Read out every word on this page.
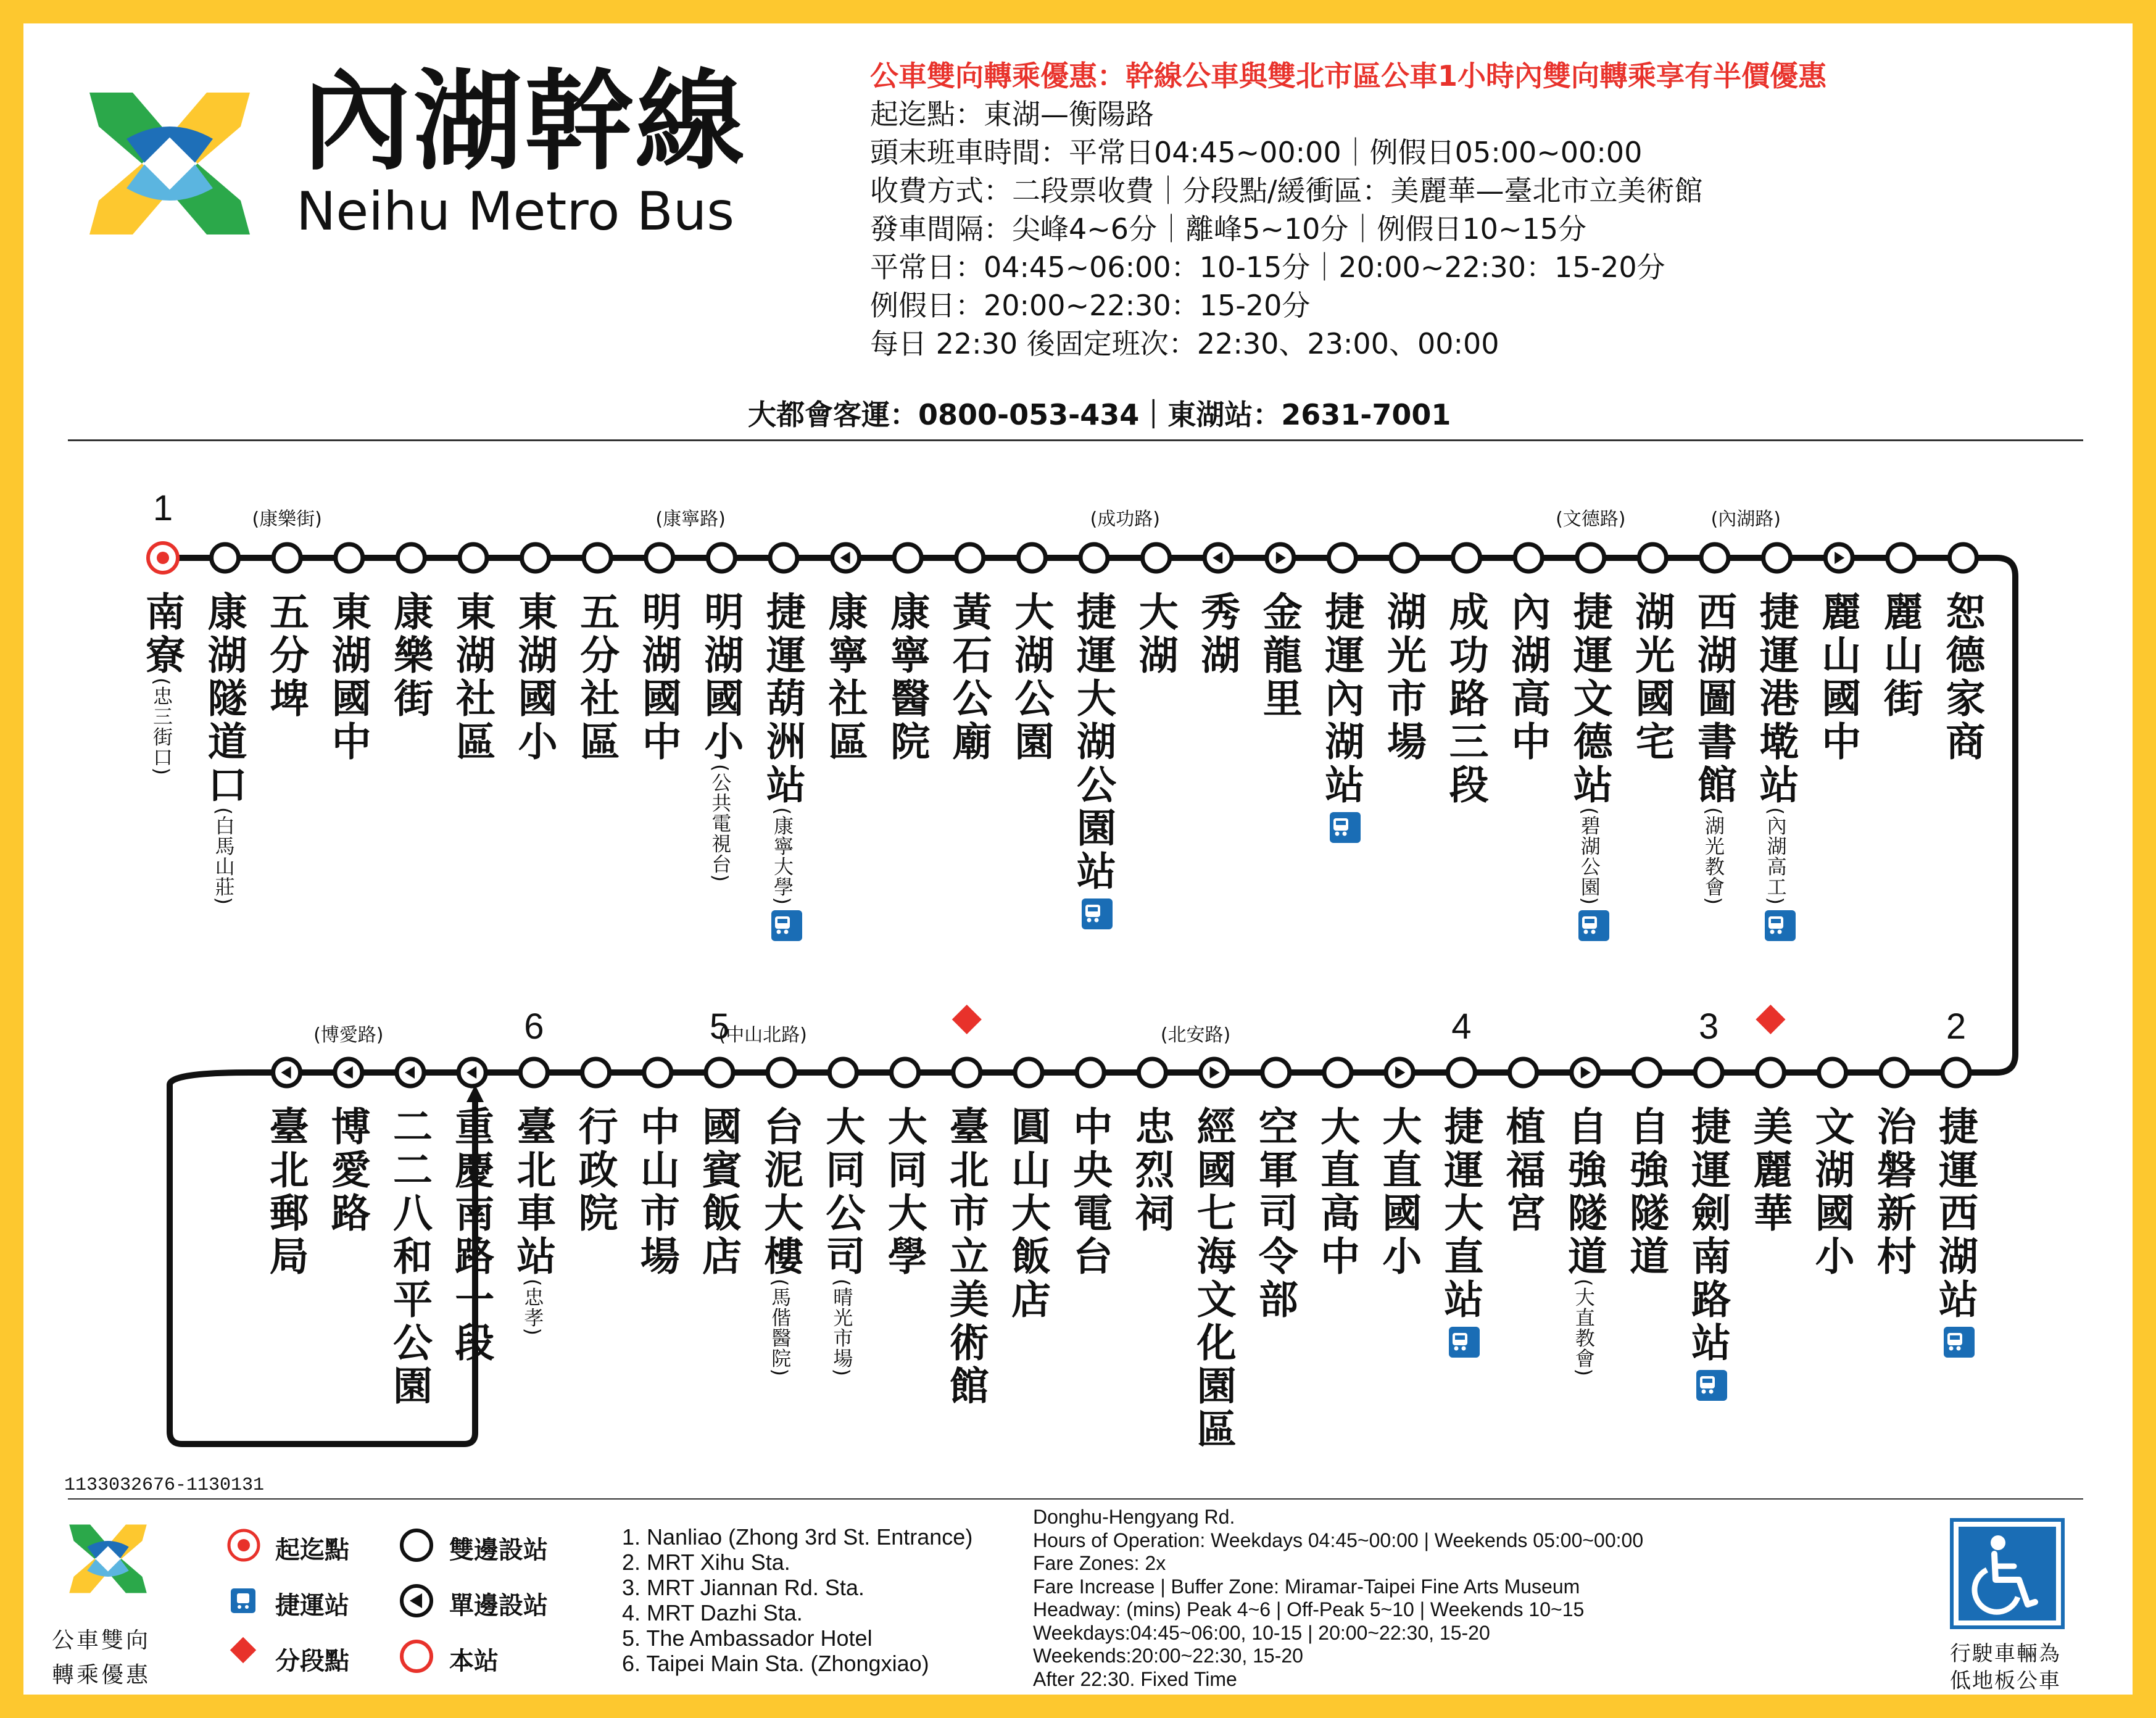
內湖幹線
Neihu Metro Bus
公車雙向轉乘優惠：幹線公車與雙北市區公車1小時內雙向轉乘享有半價優惠
起迄點：東湖—衡陽路
頭末班車時間：平常日04:45~00:00｜例假日05:00~00:00
收費方式：二段票收費｜分段點/緩衝區：美麗華—臺北市立美術館
發車間隔：尖峰4~6分｜離峰5~10分｜例假日10~15分
平常日：04:45~06:00：10-15分｜20:00~22:30：15-20分
例假日：20:00~22:30：15-20分
每日 22:30 後固定班次：22:30、23:00、00:00
大都會客運：0800-053-434｜東湖站：2631-7001
南寮(忠三街口) 康湖隧道口(白馬山莊)
五分埤 東湖國中 康樂街 東湖社區 東湖國小 五分社區 明湖國中 明湖國小(公共電視台)
捷運葫洲站(康寧大學)
康寧社區 康寧醫院 黃石公廟 大湖公園 捷運大湖公園站 大湖 秀湖 金龍里 捷運內湖站 湖光市場 成功路三段 內湖高中 捷運文德站(碧湖公園)
湖光國宅 西湖圖書館(湖光教會)
捷運港墘站(內湖高工)
麗山國中 麗山街 恕德家商
捷運西湖站
治磐新村
文湖國小
美麗華
捷運劍南路站
自強隧道
自強隧道(大直教會)
植福宮
捷運大直站
大直國小
大直高中
空軍司令部
經國七海文化園區
忠烈祠
中央電台
圓山大飯店
臺北市立美術館
大同大學
大同公司(晴光市場)
台泥大樓(馬偕醫院)
國賓飯店
中山市場
行政院
臺北車站(忠孝)
重慶南路一段
二二八和平公園
博愛路
臺北郵局
(康樂街)	(康寧路)	(成功路)	(文德路)	(內湖路)
(中山北路)	(北安路)
(博愛路)
1
2
3
4
5
6
1133032676-1130131
公車雙向
轉乘優惠
起迄點
捷運站
分段點
雙邊設站
單邊設站
本站
1. Nanliao (Zhong 3rd St. Entrance)
2. MRT Xihu Sta.
3. MRT Jiannan Rd. Sta.
4. MRT Dazhi Sta.
5. The Ambassador Hotel
6. Taipei Main Sta. (Zhongxiao)
Donghu-Hengyang Rd.
Hours of Operation: Weekdays 04:45~00:00 | Weekends 05:00~00:00
Fare Zones: 2x
Fare Increase | Buffer Zone: Miramar-Taipei Fine Arts Museum
Headway: (mins) Peak 4~6 | Off-Peak 5~10 | Weekends 10~15
Weekdays:04:45~06:00, 10-15 | 20:00~22:30, 15-20
Weekends:20:00~22:30, 15-20
After 22:30. Fixed Time
行駛車輛為
低地板公車
